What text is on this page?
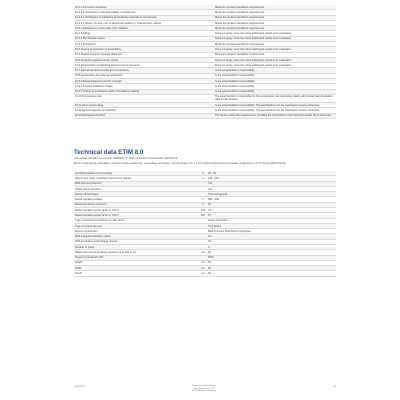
10.2.2 Corrosion resistance	Meets the product standard's requirements.
10.2.3.1 Verification of thermal stability of enclosures	Meets the product standard's requirements.
10.2.3.2 Verification of resistance of insulating materials to normal heat	Meets the product standard's requirements.
10.2.3.3 Resist. of insul. mat. to abnormal heat/fire by internal elect. effects	Meets the product standard's requirements.
10.2.4 Resistance to ultra-violet (UV) radiation	Meets the product standard's requirements.
10.2.5 Lifting	Does not apply, since the entire switchgear needs to be evaluated.
10.2.6 Mechanical impact	Does not apply, since the entire switchgear needs to be evaluated.
10.2.7 Inscriptions	Meets the product standard's requirements.
10.3 Degree of protection of assemblies	Does not apply, since the entire switchgear needs to be evaluated.
10.4 Clearances and creepage distances	Meets the product standard's requirements.
10.5 Protection against electric shock	Does not apply, since the entire switchgear needs to be evaluated.
10.6 Incorporation of switching devices and components	Does not apply, since the entire switchgear needs to be evaluated.
10.7 Internal electrical circuits and connections	Is the panel builder's responsibility.
10.8 Connections for external conductors	Is the panel builder's responsibility.
10.9.2 Power-frequency electric strength	Is the panel builder's responsibility.
10.9.3 Impulse withstand voltage	Is the panel builder's responsibility.
10.9.4 Testing of enclosures made of insulating material	Is the panel builder's responsibility.
10.10 Temperature rise	The panel builder is responsible for the temperature rise calculation. Eaton will provide heat dissipation data for the devices.
10.11 Short-circuit rating	Is the panel builder's responsibility. The specifications for the switchgear must be observed.
10.12 Electromagnetic compatibility	Is the panel builder's responsibility. The specifications for the switchgear must be observed.
10.13 Mechanical function	The device meets the requirements, provided the information in the instruction leaflet (IL) is observed.
Technical data ETIM 8.0
Low-voltage industrial components (EG000017) / Motor protection circuit-breaker (EC000074)
Electric engineering, automation, process control engineering / Low-voltage technology / Circuit breaker (LV < 1 kV) / Motor protection circuit-breaker (ecl@ss10.0.1-27-37-04-01 [AKF075013])
Overload release current setting	A	25 - 32
Adjustment range undelayed short-circuit release	A	416 - 416
With thermal protection		Yes
Phase failure sensitive		Yes
Switch off technique		Thermomagnetic
Rated operating voltage	V	690 - 690
Rated permanent current Iu	A	32
Rated operation power at AC-3, 230 V	kW	7.5
Rated operation power at AC-3, 400 V	kW	15
Type of electrical connection of main circuit		Screw connection
Type of control element		Turn button
Device construction		Built-in device fixed built-in technique
With integrated auxiliary switch		No
With integrated undervoltage release		No
Number of poles		3
Rated short-circuit breaking capacity Icu at 400 V, AC	kA	50
Degree of protection (IP)		IP20
Height	mm	93
Width	mm	55
Depth	mm	94
03/08/2023	Eaton Industries GmbH
Hein-Moeller-Str. 7-11
D-53115 Bonn, Germany
4/4
